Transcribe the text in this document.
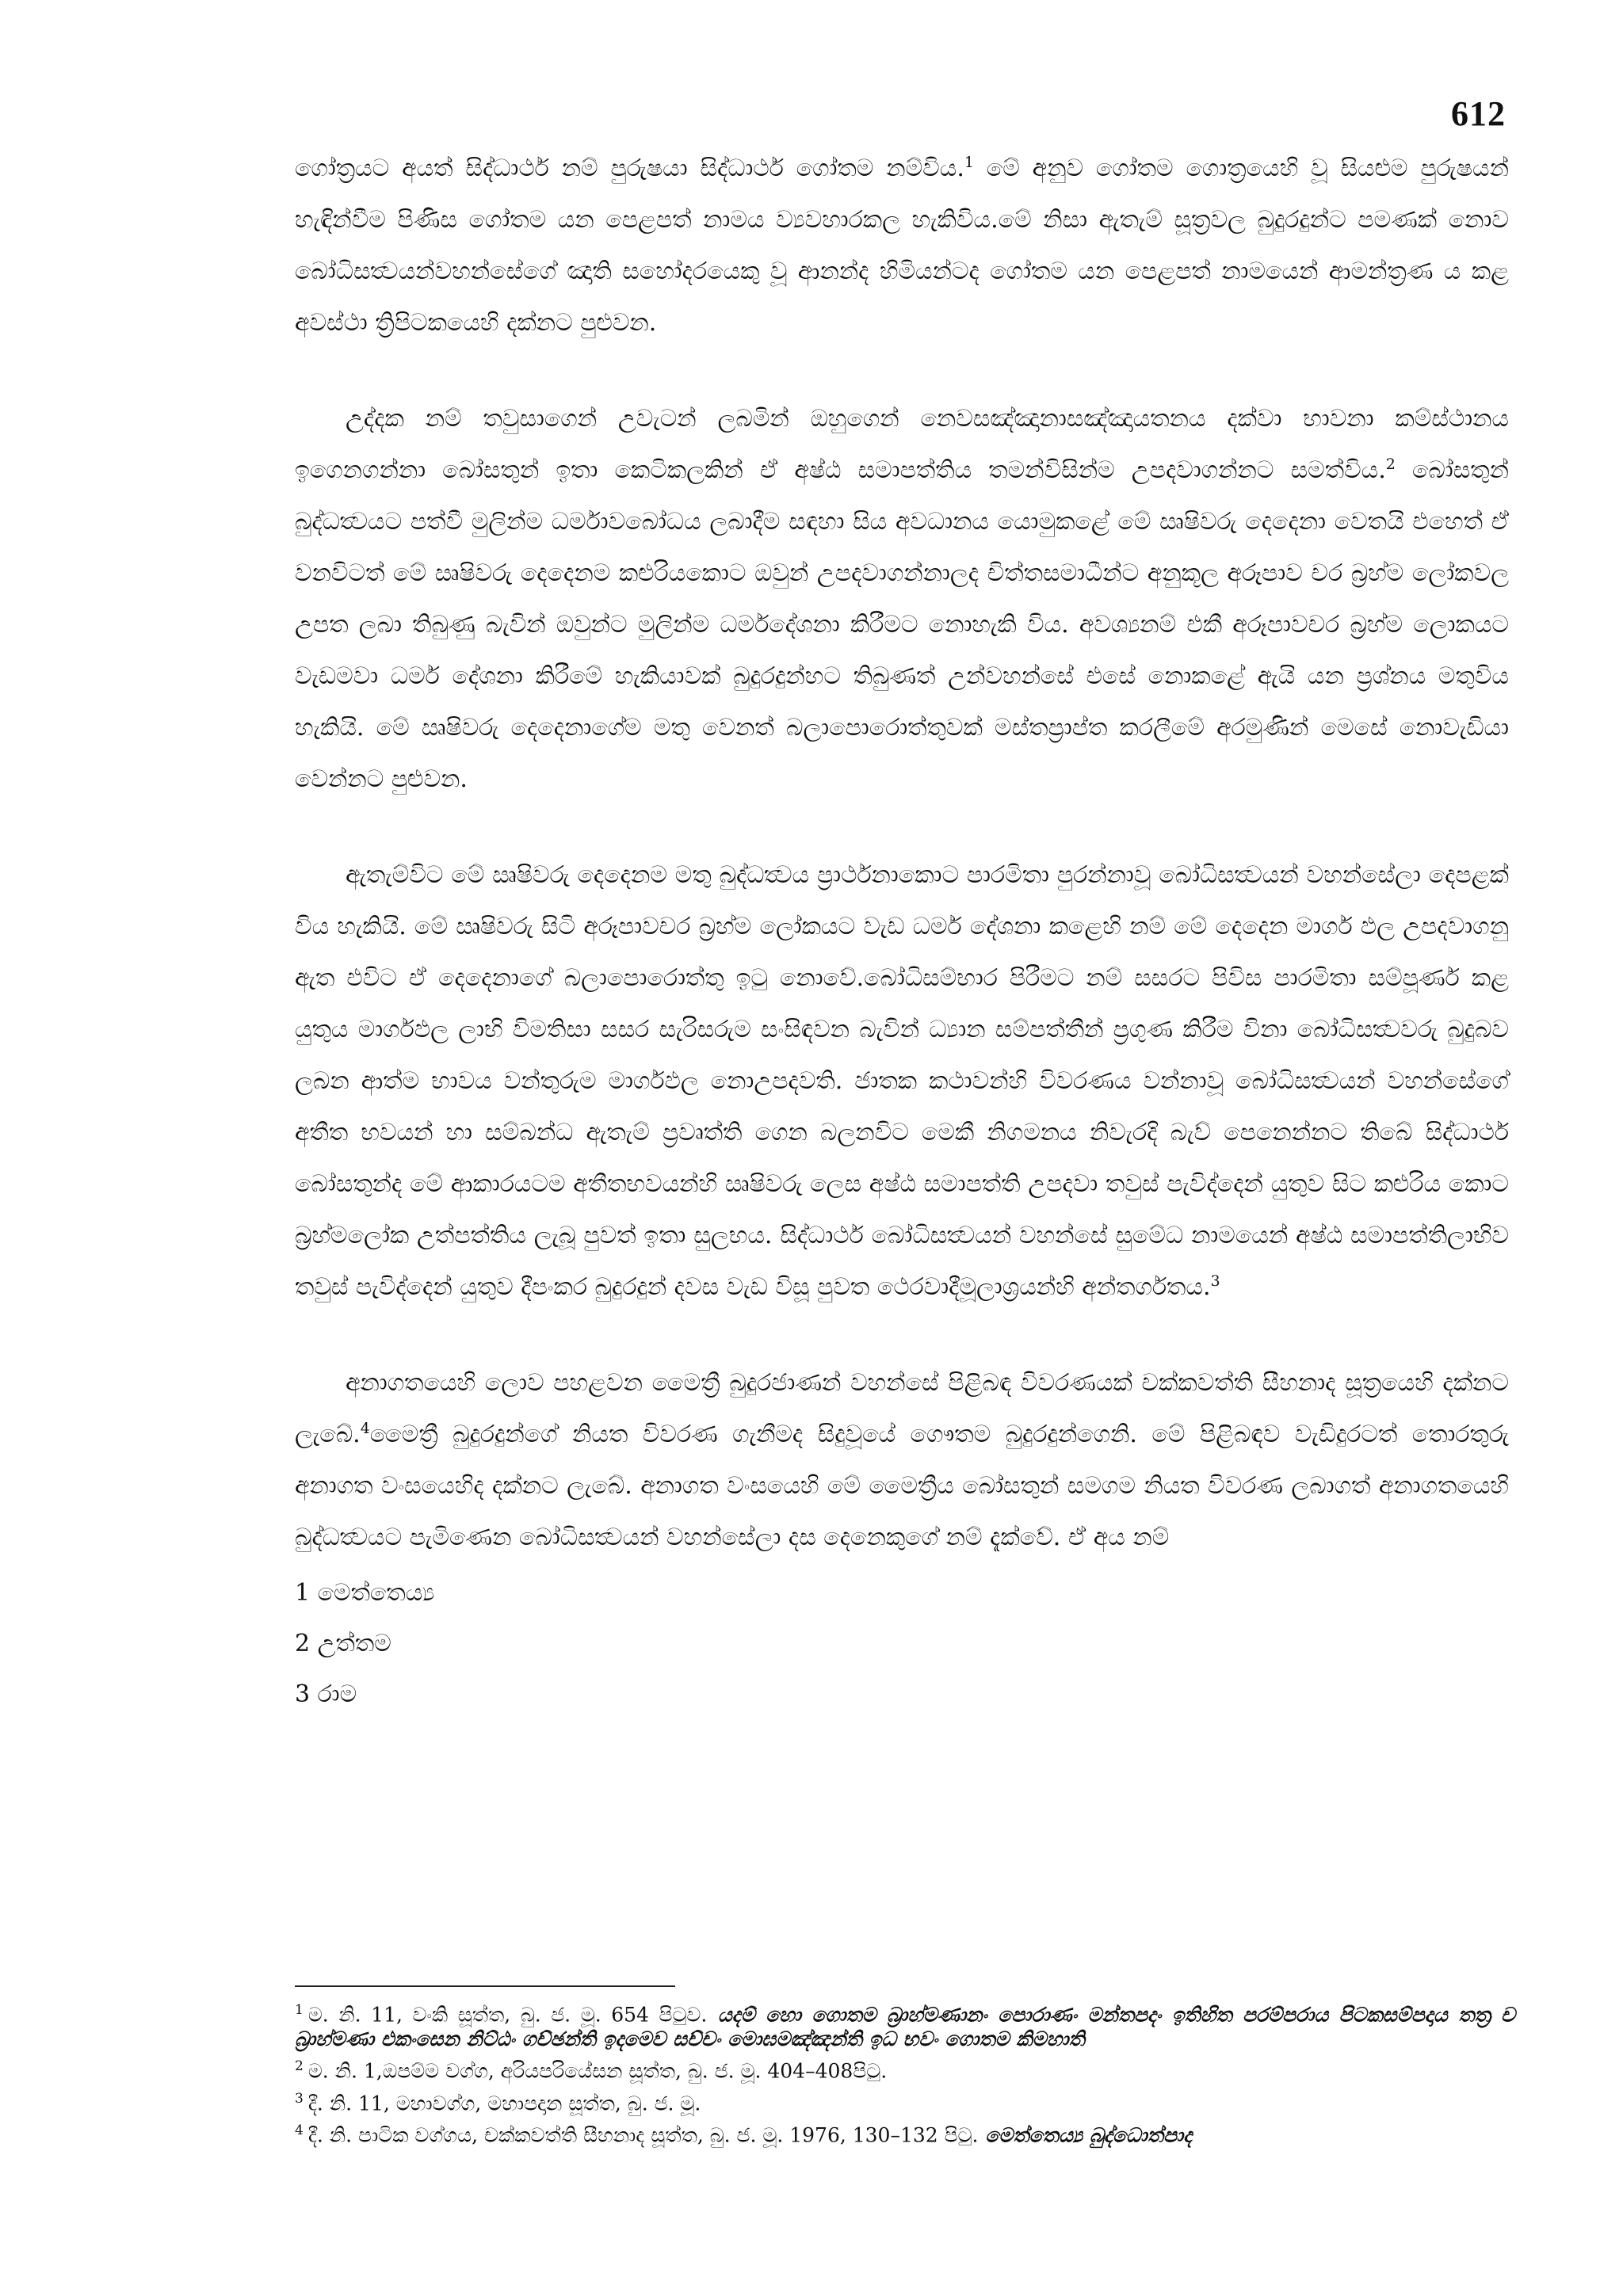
612

ගෝත්‍රයට අයත් සිද්ධාර්ථ නම් පුරුෂයා සිද්ධාර්ථ ගෝතම නම්විය.$^1$ මේ අනුව ගෝතම ගොත්‍රයෙහි වූ සියළුම පුරුෂයන් හැඳින්වීම පිණිස ගෝතම යන පෙළපත් නාමය ව්‍යවහාරකල හැකිවිය.මේ නිසා ඇතැම් සූත්‍රවල බුදුරදුන්ට පමණක් නොව බෝධිසත්‍වයන්වහන්සේගේ ඤාති සහෝදරයෙකු වූ ආනන්ද හිමියන්ටද ගෝතම යන පෙළපත් නාමයෙන් ආමන්ත්‍රණ ය කළ අවස්ථා ත්‍රිපිටකයෙහි දක්නට පුළුවන.

උද්දක නම් තවුසාගෙන් උවැටන් ලබමින් ඔහුගෙන් නෙවසඤ්ඤානාසඤ්ඤායතනය දක්වා භාවනා කම්ස්ථානය ඉගෙනගන්නා බෝසතුන් ඉතා කෙටිකලකින් ඒ අෂ්ඨ සමාපත්තිය තමන්විසින්ම උපදවාගන්නට සමත්විය.$^2$ බෝසතුන් බුද්ධත්‍වයට පත්වී මුලින්ම ධර්මාවබෝධය ලබාදීම සඳහා සිය අවධානය යොමුකළේ මේ ඍෂිවරු දෙදෙනා වෙතයි එහෙත් ඒ වනවිටත් මේ ඍෂිවරු දෙදෙනම කළුරියකොට ඔවුන් උපදවාගන්නාලද චිත්තසමාධීන්ට අනුකූල අරූපාව චර බ්‍රහ්ම ලෝකවල උපත ලබා තිබුණු බැවින් ඔවුන්ට මුලින්ම ධර්මදේශනා කිරීමට නොහැකි විය. අවශ්‍යනම් එකී අරූපාවචර බ්‍රහ්ම ලොකයට වැඩමවා ධර්ම දේශනා කිරීමේ හැකියාවක් බුදුරදුන්හට තිබුණත් උන්වහන්සේ එසේ නොකළේ ඇයි යන ප්‍රශ්නය මතුවිය හැකියි. මේ ඍෂිවරු දෙදෙනාගේම මතු වෙනත් බලාපොරොත්තුවක් මස්තප්‍රාප්ත කරලීමේ අරමුණින් මෙසේ නොවැඩියා වෙන්නට පුළුවන.

ඇතැම්විට මේ ඍෂිවරු දෙදෙනම මතු බුද්ධත්‍වය ප්‍රාර්ථනාකොට පාරමිතා පුරන්නාවූ බෝධිසත්‍වයන් වහන්සේලා දෙපළක් විය හැකියි. මේ ඍෂිවරු සිටි අරූපාවචර බ්‍රහ්ම ලෝකයට වැඩ ධර්ම දේශනා කළෙහි නම් මේ දෙදෙන මාර්ග ඵල උපදවාගනු ඇත එවිට ඒ දෙදෙනාගේ බලාපොරොත්තු ඉටු නොවේ.බෝධිසම්භාර පිරීමට නම් සසරට පිවිස පාරමිතා සම්පූර්ණ කළ යුතුය මාර්ගඵල ලාභි විමතිසා සසර සැරිසරුම සංසිඳවන බැවින් ධ්‍යාන සම්පත්තීන් ප්‍රගුණ කිරීම විනා බෝධිසත්‍වවරු බුදුබව ලබන ආත්ම භාවය වන්තුරුම මාර්ගඵල නොඋපදවති. ජාතක කථාවන්හි විවරණය වන්නාවූ බෝධිසත්‍වයන් වහන්සේගේ අතීත භවයන් හා සම්බන්ධ ඇතැම් ප්‍රවෘත්ති ගෙන බලනවිට මෙකී නිගමනය නිවැරදි බැව් පෙනෙන්නට තිබේ සිද්ධාර්ථ බෝසතුන්ද මේ ආකාරයටම අතීතභවයන්හි ඍෂිවරු ලෙස අෂ්ඨ සමාපත්ති උපදවා තවුස් පැවිද්දෙන් යුතුව සිට කළුරිය කොට බ්‍රහ්මලෝක උත්පත්තිය ලැබූ පුවත් ඉතා සුලභය. සිද්ධාර්ථ බෝධිසත්‍වයන් වහන්සේ සුමේධ නාමයෙන් අෂ්ඨ සමාපත්තිලාභිව තවුස් පැවිද්දෙන් යුතුව දීපංකර බුදුරදුන් දවස වැඩ විසූ පුවත ථෙරවාදීමූලාශ්‍රයන්හි අන්තර්ගතය.$^3$

අනාගතයෙහි ලොව පහළවන මෛත්‍රී බුදුරජාණන් වහන්සේ පිළිබඳ විවරණයක් චක්කවත්ති සීහනාද සූත්‍රයෙහි දක්නට ලැබේ.$^4$මෛත්‍රී බුදුරදුන්ගේ නියත විවරණ ගැනීමද සිදුවූයේ ගෞතම බුදුරදුන්ගෙනි. මේ පිළිබඳව වැඩිදුරටත් තොරතුරු අනාගත වංසයෙහිද දක්නට ලැබේ. අනාගත වංසයෙහි මේ මෛත්‍රීය බෝසතුන් සමගම නියත විවරණ ලබාගත් අනාගතයෙහි බුද්ධත්‍වයට පැමිණෙන බෝධිසත්‍වයන් වහන්සේලා දස දෙනෙකුගේ නම් දැක්වේ. ඒ අය නම්

1 මෙත්තෙය්‍ය
2 උත්තම
3 රාම

$^1$ ම. නි. 11, වංකි සූත්ත, බු. ජ. මූ. 654 පිටුව. යදම් හො ගොතම බ්‍රාහ්මණානං පොරාණං මන්තපදං ඉතිහිත පරම්පරාය පිටකසම්පදාය තත්‍ර ච බ්‍රාහ්මණා එකංසෙන නිට්ඨං ගච්ඡන්ති ඉදමෙව සච්චං මොඝමඤ්ඤන්ති ඉධ භවං ගොතම කිමහාති

$^2$ ම. නි. 1,ඔපම්ම වග්ග, අරියපරියේසන සූත්ත, බු. ජ. මූ. 404–408පිටු.

$^3$ දී. නි. 11, මහාවග්ග, මහාපදාන සූත්ත, බු. ජ. මූ.

$^4$ දී. නි. පාටික වග්ගය, චක්කවත්ති සීහනාද සූත්ත, බු. ජ. මූ. 1976, 130–132 පිටු. මෙත්තෙය්‍ය බුද්ධොත්පාද
